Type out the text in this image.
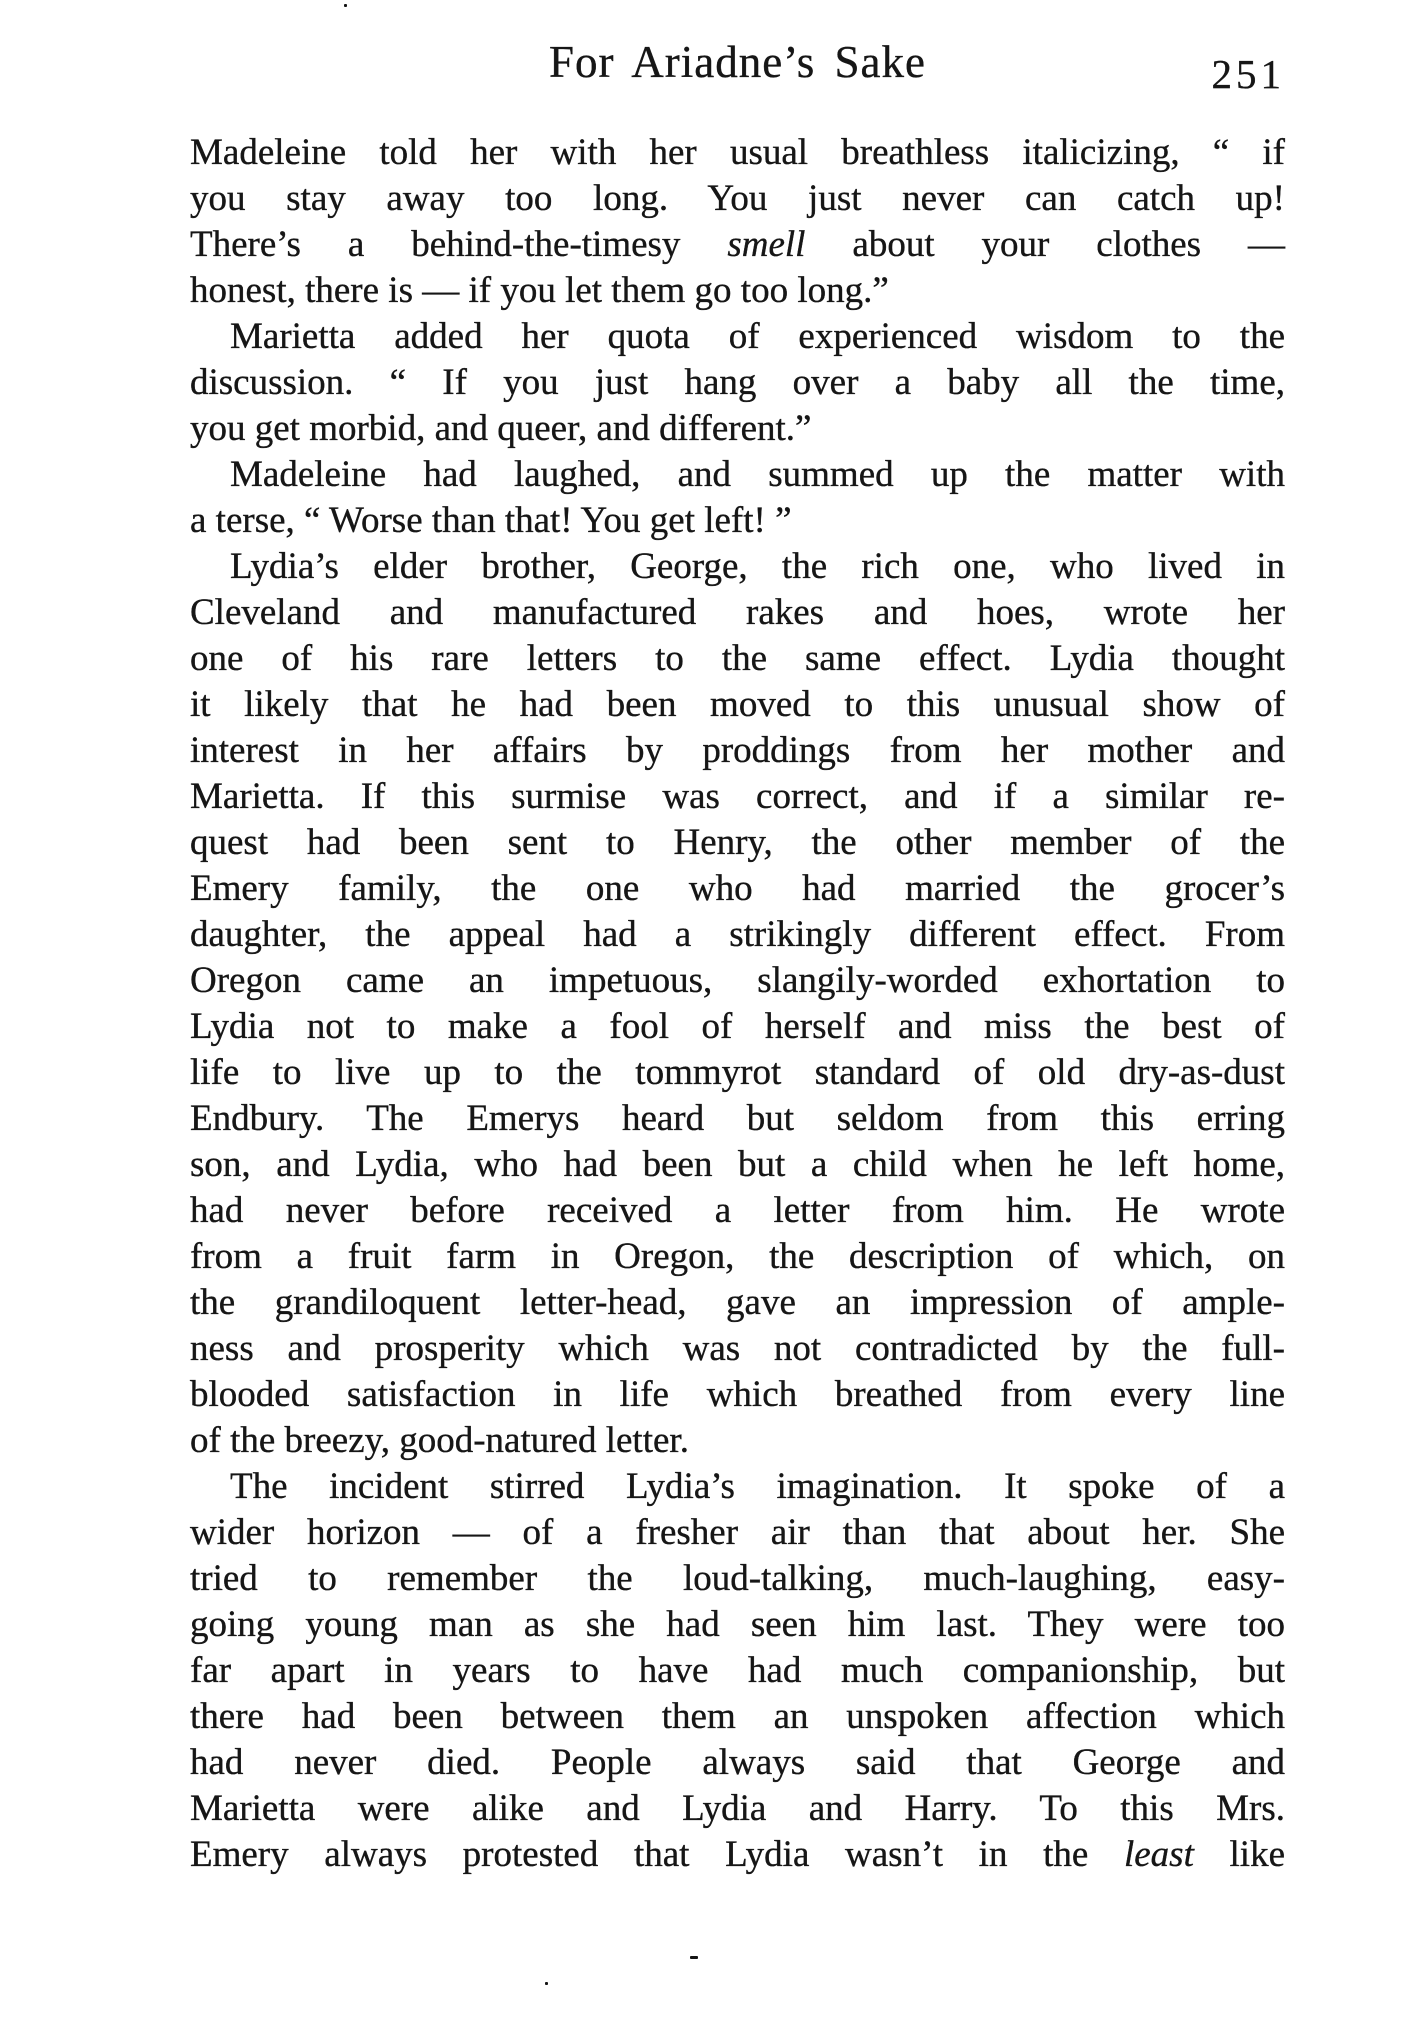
For Ariadne’s Sake	251
Madeleine told her with her usual breathless italicizing, “ if
you stay away too long. You just never can catch up!
There’s a behind-the-timesy smell about your clothes —
honest, there is — if you let them go too long.”
Marietta added her quota of experienced wisdom to the
discussion. “ If you just hang over a baby all the time,
you get morbid, and queer, and different.”
Madeleine had laughed, and summed up the matter with
a terse, “ Worse than that! You get left! ”
Lydia’s elder brother, George, the rich one, who lived in
Cleveland and manufactured rakes and hoes, wrote her
one of his rare letters to the same effect. Lydia thought
it likely that he had been moved to this unusual show of
interest in her affairs by proddings from her mother and
Marietta. If this surmise was correct, and if a similar re-
quest had been sent to Henry, the other member of the
Emery family, the one who had married the grocer’s
daughter, the appeal had a strikingly different effect. From
Oregon came an impetuous, slangily-worded exhortation to
Lydia not to make a fool of herself and miss the best of
life to live up to the tommyrot standard of old dry-as-dust
Endbury. The Emerys heard but seldom from this erring
son, and Lydia, who had been but a child when he left home,
had never before received a letter from him. He wrote
from a fruit farm in Oregon, the description of which, on
the grandiloquent letter-head, gave an impression of ample-
ness and prosperity which was not contradicted by the full-
blooded satisfaction in life which breathed from every line
of the breezy, good-natured letter.
The incident stirred Lydia’s imagination. It spoke of a
wider horizon — of a fresher air than that about her. She
tried to remember the loud-talking, much-laughing, easy-
going young man as she had seen him last. They were too
far apart in years to have had much companionship, but
there had been between them an unspoken affection which
had never died. People always said that George and
Marietta were alike and Lydia and Harry. To this Mrs.
Emery always protested that Lydia wasn’t in the least like
